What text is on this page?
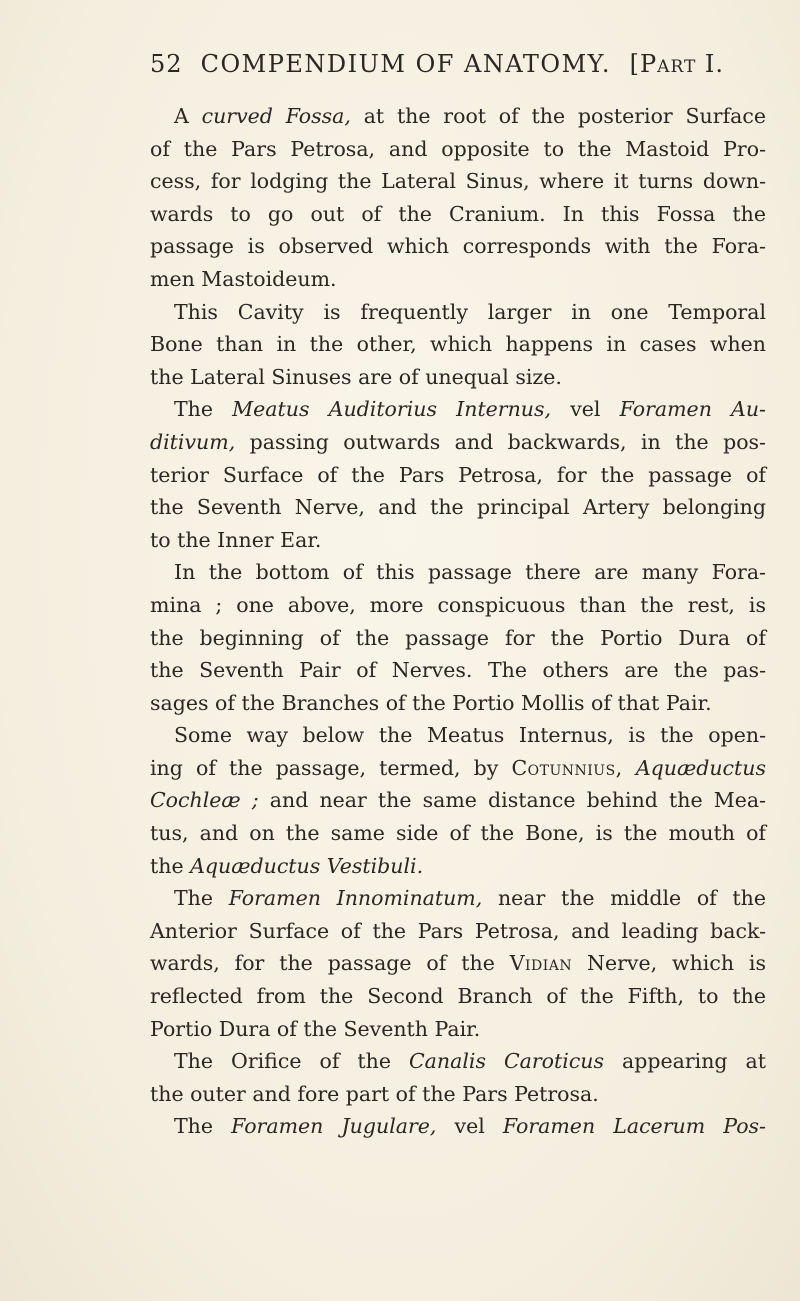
52 COMPENDIUM OF ANATOMY. [Part I.
A curved Fossa, at the root of the posterior Surface
of the Pars Petrosa, and opposite to the Mastoid Pro-
cess, for lodging the Lateral Sinus, where it turns down-
wards to go out of the Cranium. In this Fossa the
passage is observed which corresponds with the Fora-
men Mastoideum.
This Cavity is frequently larger in one Temporal
Bone than in the other, which happens in cases when
the Lateral Sinuses are of unequal size.
The Meatus Auditorius Internus, vel Foramen Au-
ditivum, passing outwards and backwards, in the pos-
terior Surface of the Pars Petrosa, for the passage of
the Seventh Nerve, and the principal Artery belonging
to the Inner Ear.
In the bottom of this passage there are many Fora-
mina ; one above, more conspicuous than the rest, is
the beginning of the passage for the Portio Dura of
the Seventh Pair of Nerves. The others are the pas-
sages of the Branches of the Portio Mollis of that Pair.
Some way below the Meatus Internus, is the open-
ing of the passage, termed, by Cotunnius, Aquæductus
Cochleæ ; and near the same distance behind the Mea-
tus, and on the same side of the Bone, is the mouth of
the Aquæductus Vestibuli.
The Foramen Innominatum, near the middle of the
Anterior Surface of the Pars Petrosa, and leading back-
wards, for the passage of the Vidian Nerve, which is
reflected from the Second Branch of the Fifth, to the
Portio Dura of the Seventh Pair.
The Orifice of the Canalis Caroticus appearing at
the outer and fore part of the Pars Petrosa.
The Foramen Jugulare, vel Foramen Lacerum Pos-
